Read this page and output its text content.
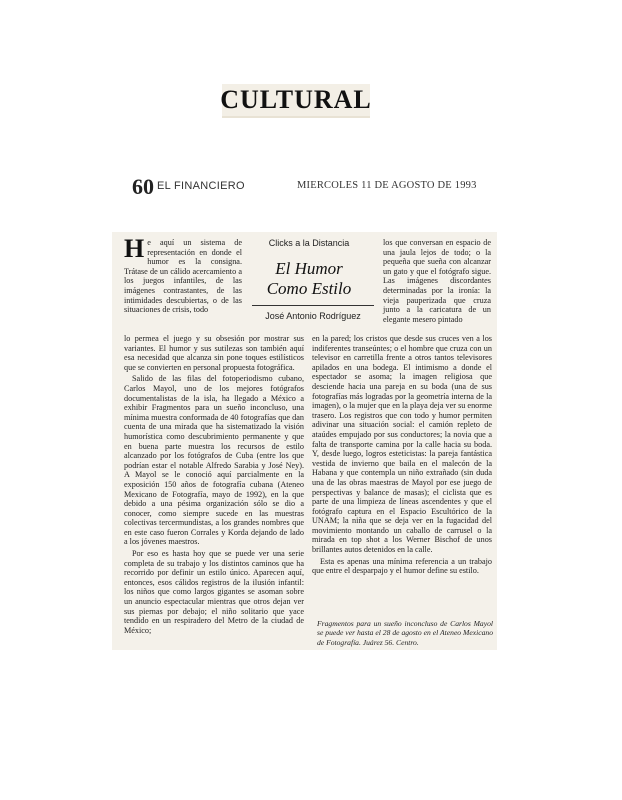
CULTURAL
60 EL FINANCIERO	MIERCOLES 11 DE AGOSTO DE 1993

He aquí un sistema de representación en donde el humor es la consigna. Trátase de un cálido acercamiento a los juegos infantiles, de las imágenes contrastantes, de las intimidades descubiertas, o de las situaciones de crisis, todo

Clicks a la Distancia
El Humor
Como Estilo
José Antonio Rodríguez

los que conversan en espacio de una jaula lejos de todo; o la pequeña que sueña con alcanzar un gato y que el fotógrafo sigue. Las imágenes discordantes determinadas por la ironía: la vieja pauperizada que cruza junto a la caricatura de un elegante mesero pintado

lo permea el juego y su obsesión por mostrar sus variantes. El humor y sus sutilezas son también aquí esa necesidad que alcanza sin pone toques estilísticos que se convierten en personal propuesta fotográfica.

Salido de las filas del fotoperiodismo cubano, Carlos Mayol, uno de los mejores fotógrafos documentalistas de la isla, ha llegado a México a exhibir Fragmentos para un sueño inconcluso, una mínima muestra conformada de 40 fotografías que dan cuenta de una mirada que ha sistematizado la visión humorística como descubrimiento permanente y que en buena parte muestra los recursos de estilo alcanzado por los fotógrafos de Cuba (entre los que podrían estar el notable Alfredo Sarabia y José Ney). A Mayol se le conoció aquí parcialmente en la exposición 150 años de fotografía cubana (Ateneo Mexicano de Fotografía, mayo de 1992), en la que debido a una pésima organización sólo se dio a conocer, como siempre sucede en las muestras colectivas tercermundistas, a los grandes nombres que en este caso fueron Corrales y Korda dejando de lado a los jóvenes maestros.

Por eso es hasta hoy que se puede ver una serie completa de su trabajo y los distintos caminos que ha recorrido por definir un estilo único. Aparecen aquí, entonces, esos cálidos registros de la ilusión infantil: los niños que como largos gigantes se asoman sobre un anuncio espectacular mientras que otros dejan ver sus piernas por debajo; el niño solitario que yace tendido en un respiradero del Metro de la ciudad de México;

en la pared; los cristos que desde sus cruces ven a los indiferentes transeúntes; o el hombre que cruza con un televisor en carretilla frente a otros tantos televisores apilados en una bodega. El intimismo a donde el espectador se asoma; la imagen religiosa que desciende hacia una pareja en su boda (una de sus fotografías más logradas por la geometría interna de la imagen), o la mujer que en la playa deja ver su enorme trasero. Los registros que con todo y humor permiten adivinar una situación social: el camión repleto de ataúdes empujado por sus conductores; la novia que a falta de transporte camina por la calle hacia su boda. Y, desde luego, logros esteticistas: la pareja fantástica vestida de invierno que baila en el malecón de la Habana y que contempla un niño extrañado (sin duda una de las obras maestras de Mayol por ese juego de perspectivas y balance de masas); el ciclista que es parte de una limpieza de líneas ascendentes y que el fotógrafo captura en el Espacio Escultórico de la UNAM; la niña que se deja ver en la fugacidad del movimiento montando un caballo de carrusel o la mirada en top shot a los Werner Bischof de unos brillantes autos detenidos en la calle.

Esta es apenas una mínima referencia a un trabajo que entre el desparpajo y el humor define su estilo.

Fragmentos para un sueño inconcluso de Carlos Mayol se puede ver hasta el 28 de agosto en el Ateneo Mexicano de Fotografía. Juárez 56. Centro.
